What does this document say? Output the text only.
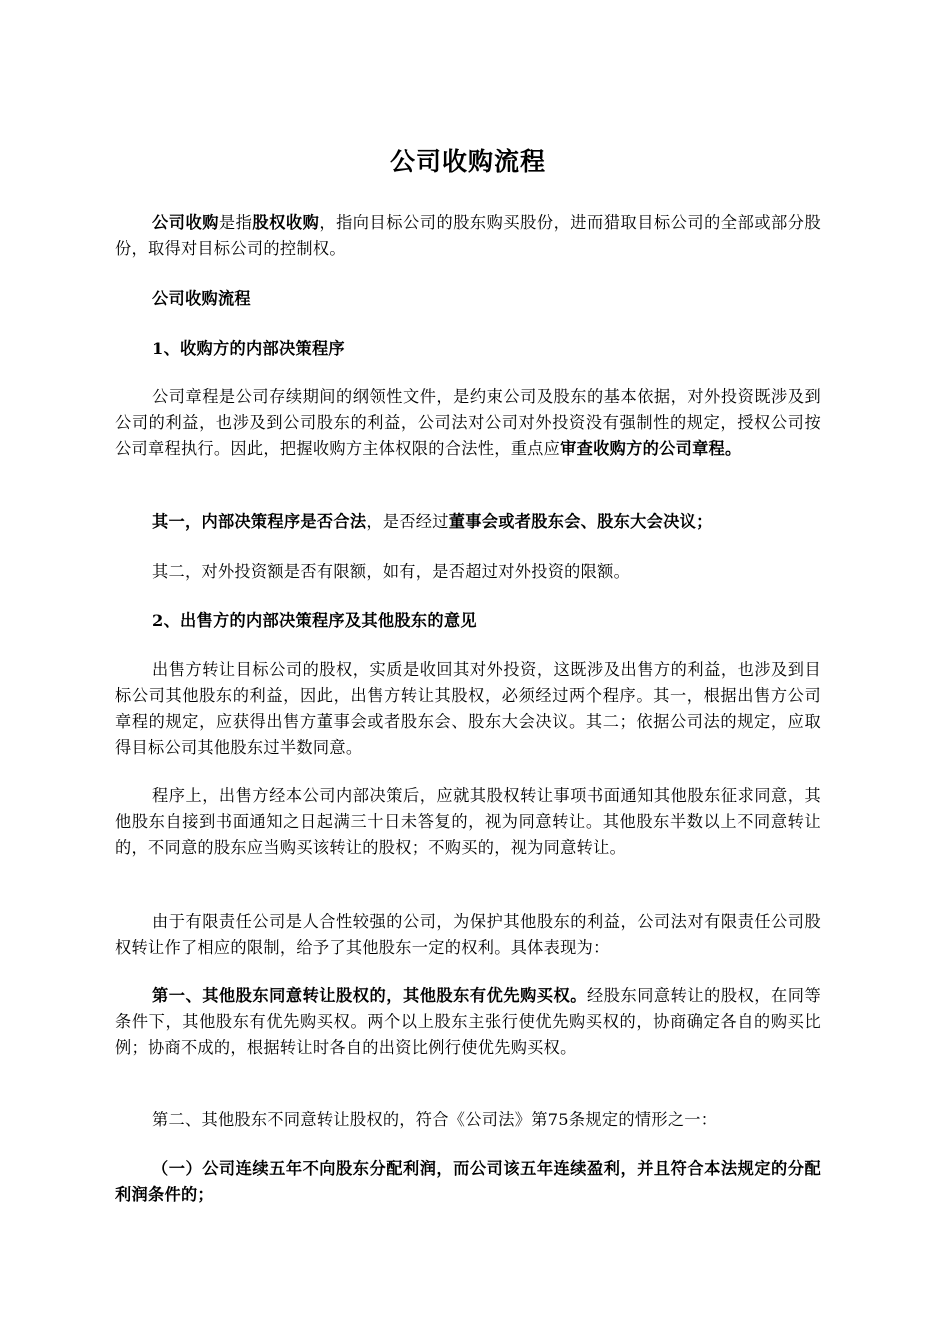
公司收购流程
公司收购是指股权收购，指向目标公司的股东购买股份，进而猎取目标公司的全部或部分股份，取得对目标公司的控制权。
公司收购流程
1、收购方的内部决策程序
公司章程是公司存续期间的纲领性文件，是约束公司及股东的基本依据，对外投资既涉及到公司的利益，也涉及到公司股东的利益，公司法对公司对外投资没有强制性的规定，授权公司按公司章程执行。因此，把握收购方主体权限的合法性，重点应审查收购方的公司章程。
其一，内部决策程序是否合法，是否经过董事会或者股东会、股东大会决议；
其二，对外投资额是否有限额，如有，是否超过对外投资的限额。
2、出售方的内部决策程序及其他股东的意见
出售方转让目标公司的股权，实质是收回其对外投资，这既涉及出售方的利益，也涉及到目标公司其他股东的利益，因此，出售方转让其股权，必须经过两个程序。其一，根据出售方公司章程的规定，应获得出售方董事会或者股东会、股东大会决议。其二；依据公司法的规定，应取得目标公司其他股东过半数同意。
程序上，出售方经本公司内部决策后，应就其股权转让事项书面通知其他股东征求同意，其他股东自接到书面通知之日起满三十日未答复的，视为同意转让。其他股东半数以上不同意转让的，不同意的股东应当购买该转让的股权；不购买的，视为同意转让。
由于有限责任公司是人合性较强的公司，为保护其他股东的利益，公司法对有限责任公司股权转让作了相应的限制，给予了其他股东一定的权利。具体表现为：
第一、其他股东同意转让股权的，其他股东有优先购买权。经股东同意转让的股权，在同等条件下，其他股东有优先购买权。两个以上股东主张行使优先购买权的，协商确定各自的购买比例；协商不成的，根据转让时各自的出资比例行使优先购买权。
第二、其他股东不同意转让股权的，符合《公司法》第75条规定的情形之一：
（一）公司连续五年不向股东分配利润，而公司该五年连续盈利，并且符合本法规定的分配利润条件的；
